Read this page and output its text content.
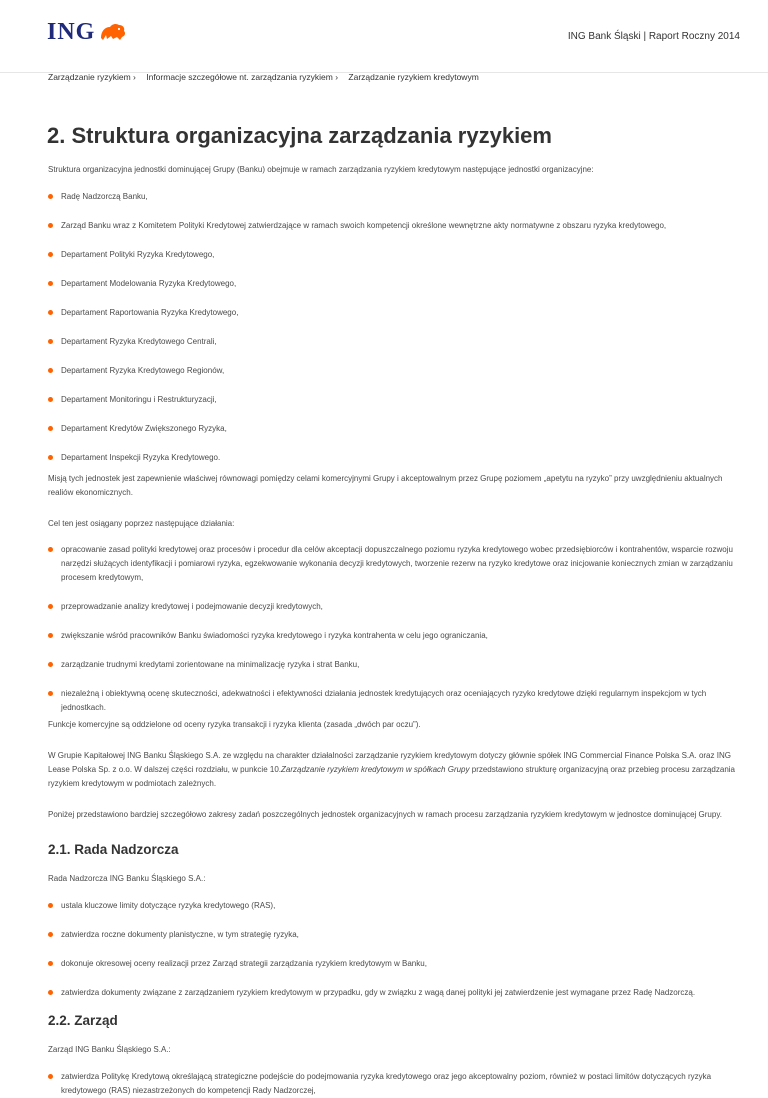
ING	ING Bank Śląski | Raport Roczny 2014
Zarządzanie ryzykiem › Informacje szczegółowe nt. zarządzania ryzykiem › Zarządzanie ryzykiem kredytowym
2. Struktura organizacyjna zarządzania ryzykiem

Struktura organizacyjna jednostki dominującej Grupy (Banku) obejmuje w ramach zarządzania ryzykiem kredytowym następujące jednostki organizacyjne:

Radę Nadzorczą Banku,
Zarząd Banku wraz z Komitetem Polityki Kredytowej zatwierdzające w ramach swoich kompetencji określone wewnętrzne akty normatywne z obszaru ryzyka kredytowego,
Departament Polityki Ryzyka Kredytowego,
Departament Modelowania Ryzyka Kredytowego,
Departament Raportowania Ryzyka Kredytowego,
Departament Ryzyka Kredytowego Centrali,
Departament Ryzyka Kredytowego Regionów,
Departament Monitoringu i Restrukturyzacji,
Departament Kredytów Zwiększonego Ryzyka,
Departament Inspekcji Ryzyka Kredytowego.

Misją tych jednostek jest zapewnienie właściwej równowagi pomiędzy celami komercyjnymi Grupy i akceptowalnym przez Grupę poziomem „apetytu na ryzyko” przy uwzględnieniu aktualnych realiów ekonomicznych.

Cel ten jest osiągany poprzez następujące działania:

opracowanie zasad polityki kredytowej oraz procesów i procedur dla celów akceptacji dopuszczalnego poziomu ryzyka kredytowego wobec przedsiębiorców i kontrahentów, wsparcie rozwoju narzędzi służących identyfikacji i pomiarowi ryzyka, egzekwowanie wykonania decyzji kredytowych, tworzenie rezerw na ryzyko kredytowe oraz inicjowanie koniecznych zmian w zarządzaniu procesem kredytowym,
przeprowadzanie analizy kredytowej i podejmowanie decyzji kredytowych,
zwiększanie wśród pracowników Banku świadomości ryzyka kredytowego i ryzyka kontrahenta w celu jego ograniczania,
zarządzanie trudnymi kredytami zorientowane na minimalizację ryzyka i strat Banku,
niezależną i obiektywną ocenę skuteczności, adekwatności i efektywności działania jednostek kredytujących oraz oceniających ryzyko kredytowe dzięki regularnym inspekcjom w tych jednostkach.

Funkcje komercyjne są oddzielone od oceny ryzyka transakcji i ryzyka klienta (zasada „dwóch par oczu”).

W Grupie Kapitałowej ING Banku Śląskiego S.A. ze względu na charakter działalności zarządzanie ryzykiem kredytowym dotyczy głównie spółek ING Commercial Finance Polska S.A. oraz ING Lease Polska Sp. z o.o. W dalszej części rozdziału, w punkcie 10.Zarządzanie ryzykiem kredytowym w spółkach Grupy przedstawiono strukturę organizacyjną oraz przebieg procesu zarządzania ryzykiem kredytowym w podmiotach zależnych.

Poniżej przedstawiono bardziej szczegółowo zakresy zadań poszczególnych jednostek organizacyjnych w ramach procesu zarządzania ryzykiem kredytowym w jednostce dominującej Grupy.

2.1. Rada Nadzorcza

Rada Nadzorcza ING Banku Śląskiego S.A.:

ustala kluczowe limity dotyczące ryzyka kredytowego (RAS),
zatwierdza roczne dokumenty planistyczne, w tym strategię ryzyka,
dokonuje okresowej oceny realizacji przez Zarząd strategii zarządzania ryzykiem kredytowym w Banku,
zatwierdza dokumenty związane z zarządzaniem ryzykiem kredytowym w przypadku, gdy w związku z wagą danej polityki jej zatwierdzenie jest wymagane przez Radę Nadzorczą.
2.2. Zarząd

Zarząd ING Banku Śląskiego S.A.:

zatwierdza Politykę Kredytową określającą strategiczne podejście do podejmowania ryzyka kredytowego oraz jego akceptowalny poziom, również w postaci limitów dotyczących ryzyka kredytowego (RAS) niezastrzeżonych do kompetencji Rady Nadzorczej,
